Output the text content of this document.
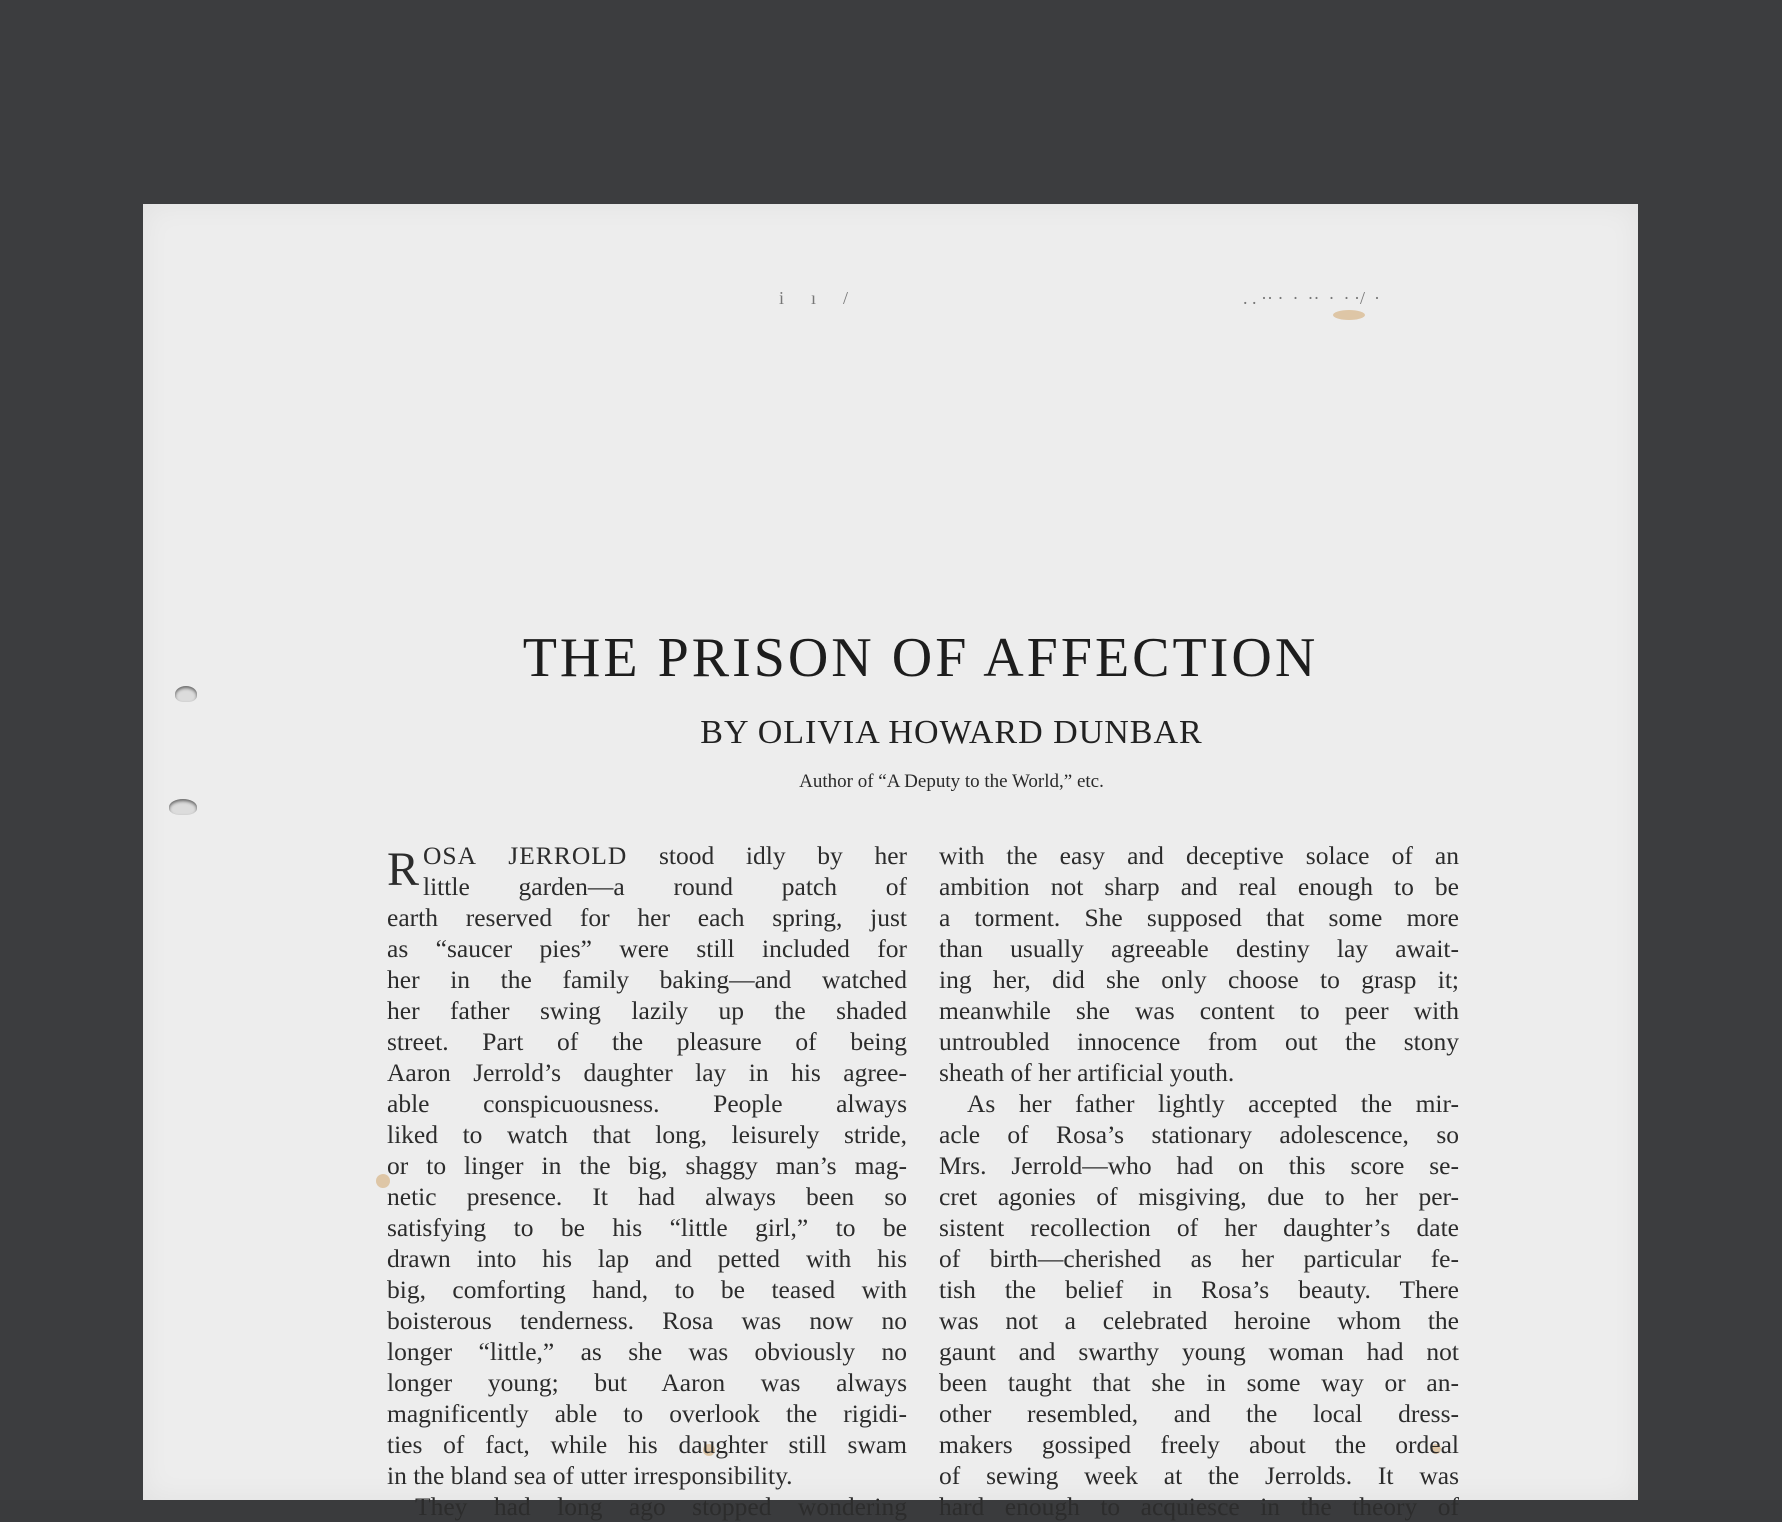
i      ı      /	. . ·· ·  ·  ··  ·  · ·/  ·
THE PRISON OF AFFECTION
BY OLIVIA HOWARD DUNBAR
Author of “A Deputy to the World,” etc.
R OSA JERROLD stood idly by her
little garden—a round patch of
earth reserved for her each spring, just
as “saucer pies” were still included for
her in the family baking—and watched
her father swing lazily up the shaded
street. Part of the pleasure of being
Aaron Jerrold’s daughter lay in his agree-
able conspicuousness. People always
liked to watch that long, leisurely stride,
or to linger in the big, shaggy man’s mag-
netic presence. It had always been so
satisfying to be his “little girl,” to be
drawn into his lap and petted with his
big, comforting hand, to be teased with
boisterous tenderness. Rosa was now no
longer “little,” as she was obviously no
longer young; but Aaron was always
magnificently able to overlook the rigidi-
ties of fact, while his daughter still swam
in the bland sea of utter irresponsibility.
They had long ago stopped wondering
with the easy and deceptive solace of an
ambition not sharp and real enough to be
a torment. She supposed that some more
than usually agreeable destiny lay await-
ing her, did she only choose to grasp it;
meanwhile she was content to peer with
untroubled innocence from out the stony
sheath of her artificial youth.
As her father lightly accepted the mir-
acle of Rosa’s stationary adolescence, so
Mrs. Jerrold—who had on this score se-
cret agonies of misgiving, due to her per-
sistent recollection of her daughter’s date
of birth—cherished as her particular fe-
tish the belief in Rosa’s beauty. There
was not a celebrated heroine whom the
gaunt and swarthy young woman had not
been taught that she in some way or an-
other resembled, and the local dress-
makers gossiped freely about the ordeal
of sewing week at the Jerrolds. It was
hard enough to acquiesce in the theory of
